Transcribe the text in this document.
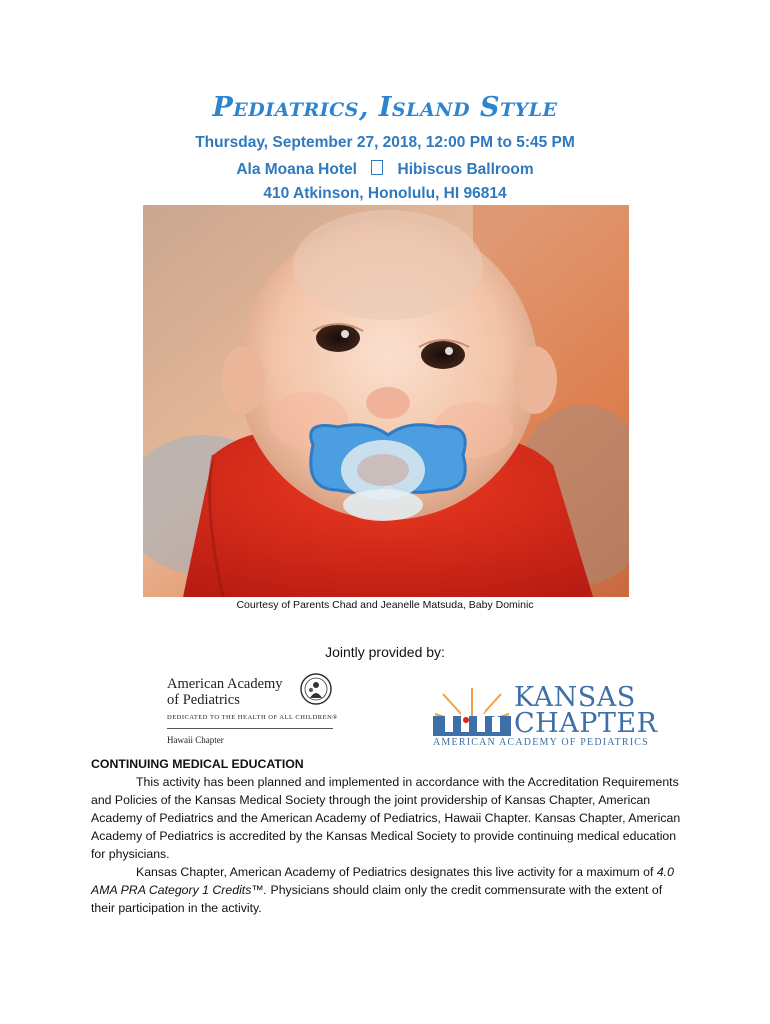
Pediatrics, Island Style
Thursday, September 27, 2018, 12:00 PM to 5:45 PM
Ala Moana Hotel	Hibiscus Ballroom
410 Atkinson, Honolulu, HI 96814
Courtesy of Parents Chad and Jeanelle Matsuda, Baby Dominic
Jointly provided by:
American Academy
of Pediatrics
DEDICATED TO THE HEALTH OF ALL CHILDREN®
Hawaii Chapter
KANSAS
CHAPTER
AMERICAN ACADEMY OF PEDIATRICS
CONTINUING MEDICAL EDUCATION

This activity has been planned and implemented in accordance with the Accreditation Requirements and Policies of the Kansas Medical Society through the joint providership of Kansas Chapter, American Academy of Pediatrics and the American Academy of Pediatrics, Hawaii Chapter. Kansas Chapter, American Academy of Pediatrics is accredited by the Kansas Medical Society to provide continuing medical education for physicians.

Kansas Chapter, American Academy of Pediatrics designates this live activity for a maximum of 4.0 AMA PRA Category 1 Credits™. Physicians should claim only the credit commensurate with the extent of their participation in the activity.
